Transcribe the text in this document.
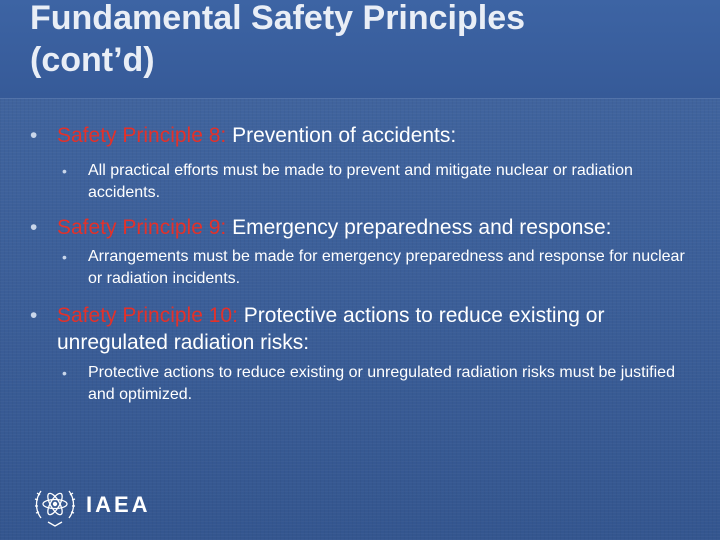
Fundamental Safety Principles
(cont’d)
• Safety Principle 8: Prevention of accidents:
• All practical efforts must be made to prevent and mitigate nuclear or radiation accidents.
• Safety Principle 9: Emergency preparedness and response:
• Arrangements must be made for emergency preparedness and response for nuclear or radiation incidents.
• Safety Principle 10: Protective actions to reduce existing or unregulated radiation risks:
• Protective actions to reduce existing or unregulated radiation risks must be justified and optimized.
IAEA
